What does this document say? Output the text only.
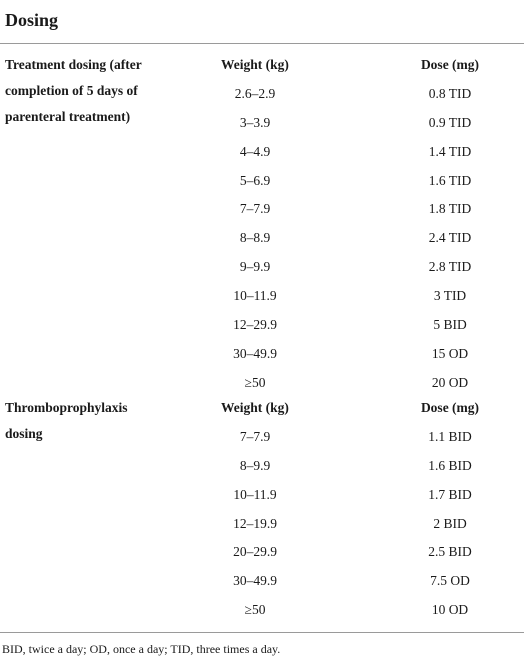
Dosing
Treatment dosing (after
completion of 5 days of
parenteral treatment)
Weight (kg)	Dose (mg)
2.6–2.9	0.8 TID
3–3.9	0.9 TID
4–4.9	1.4 TID
5–6.9	1.6 TID
7–7.9	1.8 TID
8–8.9	2.4 TID
9–9.9	2.8 TID
10–11.9	3 TID
12–29.9	5 BID
30–49.9	15 OD
≥50	20 OD
Thromboprophylaxis
dosing
Weight (kg)	Dose (mg)
7–7.9	1.1 BID
8–9.9	1.6 BID
10–11.9	1.7 BID
12–19.9	2 BID
20–29.9	2.5 BID
30–49.9	7.5 OD
≥50	10 OD
BID, twice a day; OD, once a day; TID, three times a day.
